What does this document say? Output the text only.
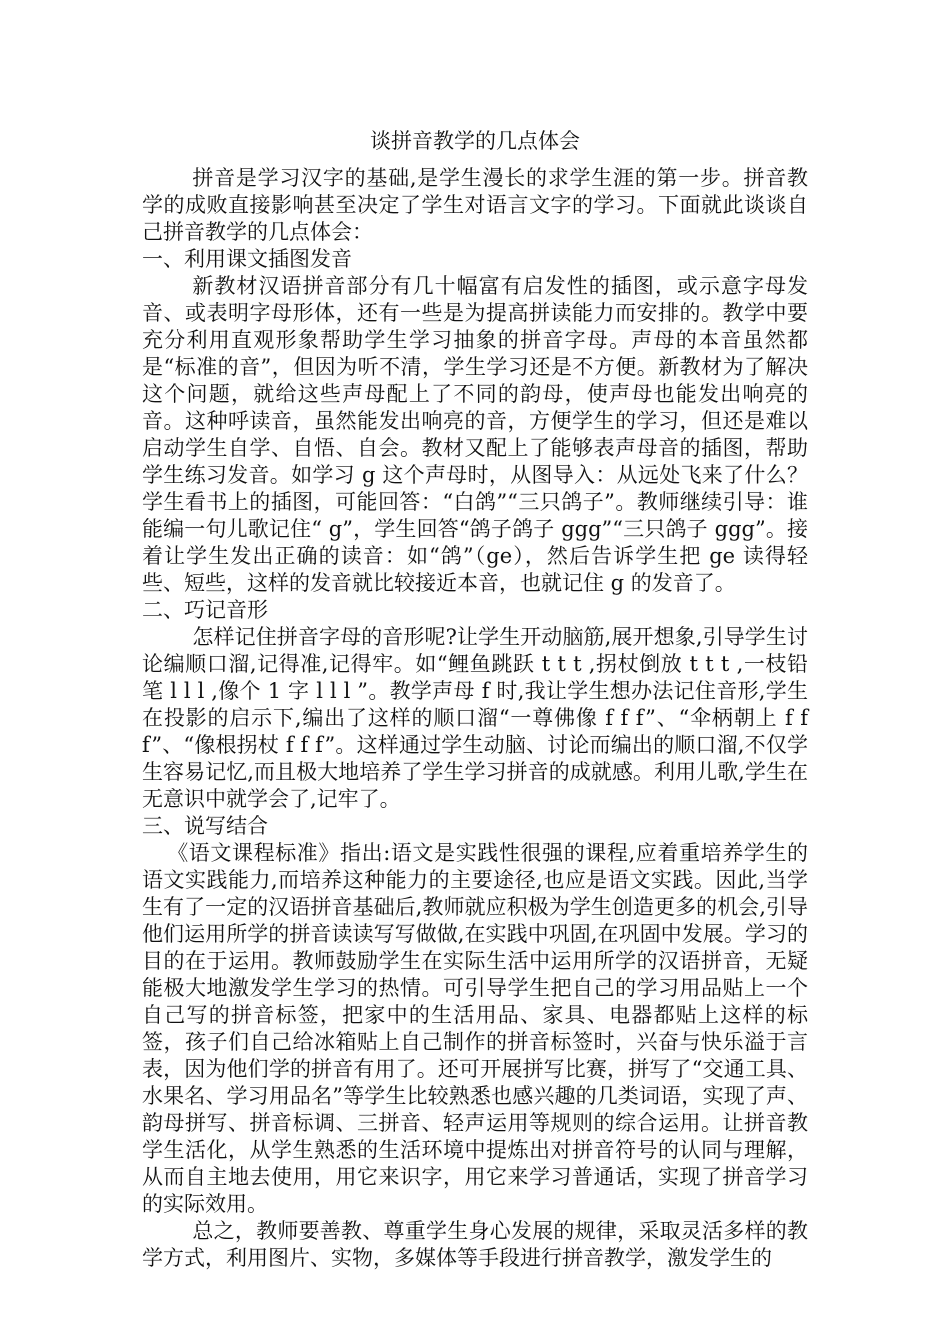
谈拼音教学的几点体会

拼音是学习汉字的基础,是学生漫长的求学生涯的第一步。拼音教学的成败直接影响甚至决定了学生对语言文字的学习。下面就此谈谈自己拼音教学的几点体会：

一、利用课文插图发音

新教材汉语拼音部分有几十幅富有启发性的插图，或示意字母发音、或表明字母形体，还有一些是为提高拼读能力而安排的。教学中要充分利用直观形象帮助学生学习抽象的拼音字母。声母的本音虽然都是“标准的音”，但因为听不清，学生学习还是不方便。新教材为了解决这个问题，就给这些声母配上了不同的韵母，使声母也能发出响亮的音。这种呼读音，虽然能发出响亮的音，方便学生的学习，但还是难以启动学生自学、自悟、自会。教材又配上了能够表声母音的插图，帮助学生练习发音。如学习 g 这个声母时，从图导入：从远处飞来了什么？学生看书上的插图，可能回答：“白鸽”“三只鸽子”。教师继续引导：谁能编一句儿歌记住“ g”，学生回答“鸽子鸽子 ggg”“三只鸽子 ggg”。接着让学生发出正确的读音：如“鸽”（ge），然后告诉学生把 ge 读得轻些、短些，这样的发音就比较接近本音，也就记住 g 的发音了。

二、巧记音形

怎样记住拼音字母的音形呢?让学生开动脑筋,展开想象,引导学生讨论编顺口溜,记得准,记得牢。如“鲤鱼跳跃 t t t ,拐杖倒放 t t t ,一枝铅笔 l l l ,像个 1 字 l l l ”。教学声母 f 时,我让学生想办法记住音形,学生在投影的启示下,编出了这样的顺口溜“一尊佛像 f f f”、“伞柄朝上 f f f”、“像根拐杖 f f f”。这样通过学生动脑、讨论而编出的顺口溜,不仅学生容易记忆,而且极大地培养了学生学习拼音的成就感。利用儿歌,学生在无意识中就学会了,记牢了。

三、说写结合

《语文课程标准》指出:语文是实践性很强的课程,应着重培养学生的语文实践能力,而培养这种能力的主要途径,也应是语文实践。因此,当学生有了一定的汉语拼音基础后,教师就应积极为学生创造更多的机会,引导他们运用所学的拼音读读写写做做,在实践中巩固,在巩固中发展。学习的目的在于运用。教师鼓励学生在实际生活中运用所学的汉语拼音，无疑能极大地激发学生学习的热情。可引导学生把自己的学习用品贴上一个自己写的拼音标签，把家中的生活用品、家具、电器都贴上这样的标签，孩子们自己给冰箱贴上自己制作的拼音标签时，兴奋与快乐溢于言表，因为他们学的拼音有用了。还可开展拼写比赛，拼写了“交通工具、水果名、学习用品名”等学生比较熟悉也感兴趣的几类词语，实现了声、韵母拼写、拼音标调、三拼音、轻声运用等规则的综合运用。让拼音教学生活化，从学生熟悉的生活环境中提炼出对拼音符号的认同与理解，从而自主地去使用，用它来识字，用它来学习普通话，实现了拼音学习的实际效用。

总之，教师要善教、尊重学生身心发展的规律，采取灵活多样的教学方式，利用图片、实物，多媒体等手段进行拼音教学，激发学生的
